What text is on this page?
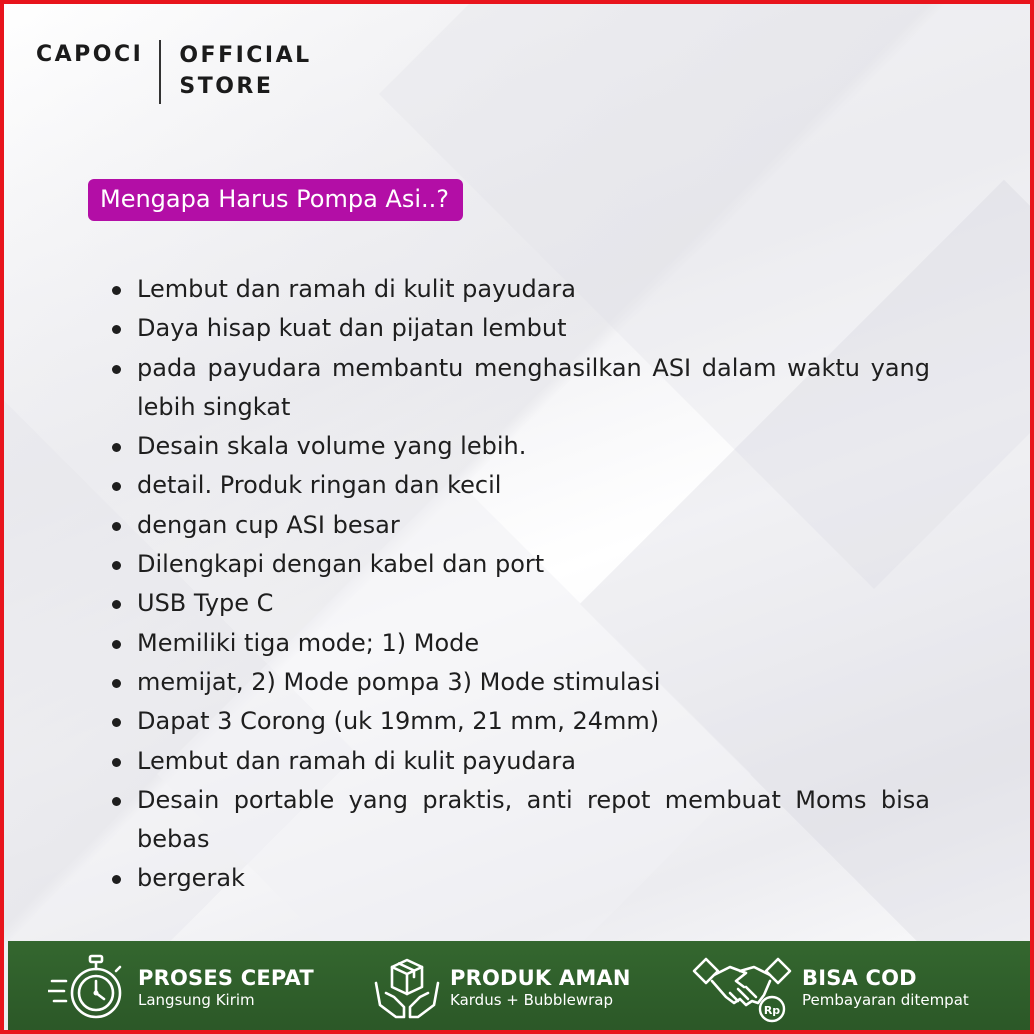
CAPOCI OFFICIAL
STORE
Mengapa Harus Pompa Asi..?
Lembut dan ramah di kulit payudara
Daya hisap kuat dan pijatan lembut
pada payudara membantu menghasilkan ASI dalam waktu yang lebih singkat
Desain skala volume yang lebih.
detail. Produk ringan dan kecil
dengan cup ASI besar
Dilengkapi dengan kabel dan port
USB Type C
Memiliki tiga mode; 1) Mode
memijat, 2) Mode pompa 3) Mode stimulasi
Dapat 3 Corong (uk 19mm, 21 mm, 24mm)
Lembut dan ramah di kulit payudara
Desain portable yang praktis, anti repot membuat Moms bisa bebas
bergerak
PROSES CEPAT
Langsung Kirim
PRODUK AMAN
Kardus + Bubblewrap
Rp
BISA COD
Pembayaran ditempat
